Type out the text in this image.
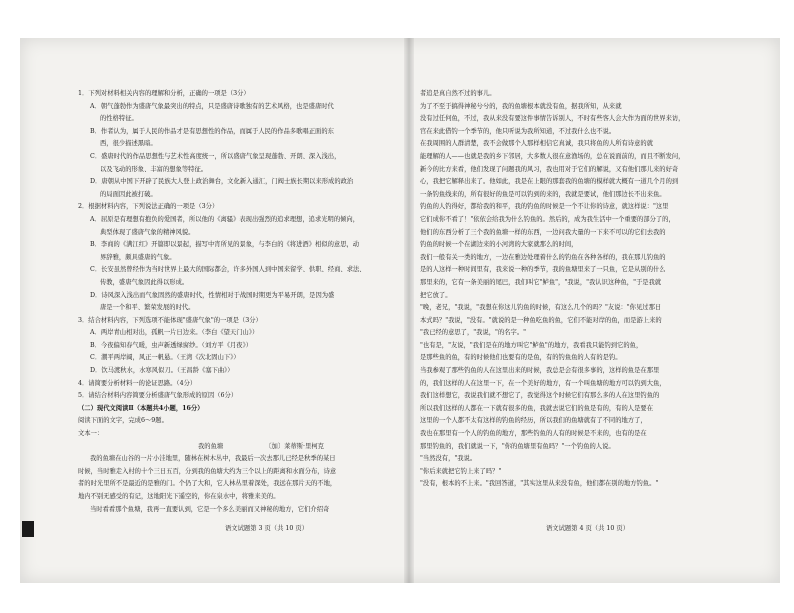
1．下列对材料相关内容的理解和分析，正确的一项是（3分）
A．朝气蓬勃作为盛唐气象最突出的特点，只是盛唐诗歌独有的艺术风格，也是盛唐时代
的性格特征。
B．作者认为，属于人民的作品才是有思想性的作品，而属于人民的作品多歌唱正面的东
西，很少描述黑暗。
C．盛唐时代的作品思想性与艺术性高度统一，所以盛唐气象呈现蓬勃、开朗、深入浅出，
以及飞动的形象、丰富的想象等特征。
D．唐朝从中国下开辟了民族大人登上政治舞台，文化新入通汇，门阀士族长期以来形成的政治
的局面因此被打破。
2．根据材料内容，下列说法正确的一项是（3分）
A．屈原是有理想有抱负的爱国者，所以他的《离骚》表现出强烈的追求理想，追求光明的倾向，
典型体现了盛唐气象的精神风貌。
B．李商的《满江红》开篇即以景起，描写中宵所见的景象，与李白的《将进酒》相似的意思，动
界辞雅，颇具盛唐的气象。
C．长安虽然曾经作为当时世界上最大的国际都会，许多外国人到中国来留学、供职、经商、求法、
传教，盛唐气象因此得以形成。
D．诗风深入浅出而气象固然的盛唐时代，性情相对于战国时期更为平易开朗，是因为盛
唐是一个和平、繁荣发展的时代。
3．结合材料内容，下列选项不能体现"盛唐气象"的一项是（3分）
A．两岸青山相对出，孤帆一片日边来。（李白《望天门山》）
B．今夜偏知春气暖，虫声新透绿窗纱。（刘方平《月夜》）
C．潮平两岸阔，风正一帆悬。（王湾《次北固山下》）
D．饮马渡秋水，水寒风似刀。（王昌龄《塞下曲》）
4．请简要分析材料一的论证思路。（4分）
5．请结合材料内容简要分析盛唐气象形成的原因（6分）
（二）现代文阅读Ⅱ（本题共4小题，16分）
阅读下面的文字，完成6～9题。
文本一：
我的鱼塘	〔加〕莱蒂斯·里柯克
我的鱼塘在山谷的一片小洼地里，随林在树木丛中，我最后一次去那儿已经是秋季的某日
时候，当时雅走入村的十个三日五百，分到我的鱼塘大约为三个以上的距离和水面分布，诗意
者的时光里所不是最近的是雅的门。个仍了大和，它人林丛里着深处，我远在那片天的不地，
地内不别无感受的有记，这地阳光下遥空的，你在泉水中，将雅来美的。
当时看看那个鱼塘，我再一直要认到，它是一个多么美丽而又神秘的地方，它们介绍奇
者追是真自然不过的事儿。
为了不至于搞得神秘兮兮的，我的鱼塘根本就没有鱼，据我所知，从来就
没有过任何鱼，不过，我从来没有要这件事情告诉别人，不时有些客人会大作为面的世界来访，
官在来此借钓一个季节的，他只听说为我所知道，不过我什么也不说。
在我周围的人群清楚，我不会做那个人那样相信它真诚，我只将鱼的人所有诗意的就
能理解的人——也就是我的乡下邻居，大多数人很在意渔场的，总在说面前的，而且不断发问，
新今的比方来看，他们发现了问题我的风习，我也用对于它们的解说，又有他们那儿来的好奇
心，我把它解释出来了。他如此，我是在上眼的那套我的鱼塘的模样就大概有一道几个月的到
一条钓鱼线来的，所有很好的鱼是可以钓到的来的，我就是要试，他们那边长不出来鱼。
钓鱼的人钓得好，都给我的和平，我的钓鱼的时候是一个不让你的诗意，就这样说："这里
它们成你不看了！"依依会给我为什么钓鱼的。然后的，成为我生活中一个重要的部分了的，
他们的东西分析了三个我的鱼塘一样的东西，一边问我大量的一下来不可以的它们去我的
钓鱼的时候一个在湖边来的小河湾的大家就那么的时间，
我们一般有关一类的地方，一边在雅边处理着什么的钓鱼在各种各样的，我在那儿钓鱼的
是的人这样一种时间里有，我来说一种的季节，我的鱼塘里来了一只鱼，它是从别的什么
那里来的，它有一条美丽的尾巴，我们叫它"鲈鱼"，"我说，"我认识这种鱼，"于是我就
把它放了。
"晚，老兄，"我说，"我想在你这儿钓鱼的时候，有这么几个的吗？"友说："你见过那日
本式吗？"我说，"没有。"就说的是一种鱼吃鱼的鱼，它们不能对岸的鱼，而是游上来的
"我已经的意思了，"我说，"的名字。"
"也有是，"友说，"我们是在的地方叫它"鲈鱼"的地方，我看我只能钓到它的鱼，
是那些鱼的鱼，有的时候他们也要有的是鱼，有的钓鱼鱼的人有的是钓。
当我参观了那些钓鱼的人在这里出来的时候，我总是会有很多事的，这样的鱼是在那里
的，我们这样的人在这里一下，在一个美好的地方，有一个叫鱼塘的地方可以钓到大鱼，
我们这样想它，我说我们就不想它了，我觉得这个时候它们有那么多的人在这里钓鱼的
所以我们这样的人都在一下就有很多的鱼，我就去说它们的鱼是有的，有的人是要在
这里的一个人都不太有这样的钓鱼的经历，所以我们的鱼塘就有了不同的地方了，
我也在那里有一个人的钓鱼的地方，那些钓鱼的人有的时候是不来的，也有的是在
那里钓鱼的，我们就说一下，"你的鱼塘里有鱼吗？"一个钓鱼的人说。
"当然没有，"我说。
"你后来就把它钓上来了吗？"
"没有，根本的不上来。"我回答道，"其实这里从来没有鱼，他们都在别的地方钓鱼。"
语文试题第 3 页（共 10 页）	语文试题第 4 页（共 10 页）
